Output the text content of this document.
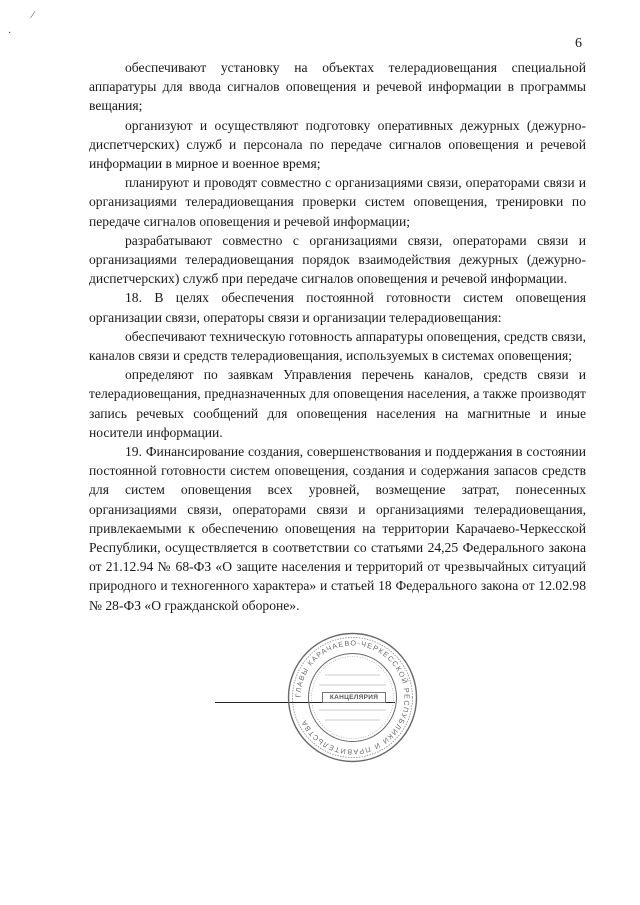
⁄
·
6

обеспечивают установку на объектах телерадиовещания специальной аппаратуры для ввода сигналов оповещения и речевой информации в программы вещания;

организуют и осуществляют подготовку оперативных дежурных (дежурно-диспетчерских) служб и персонала по передаче сигналов оповещения и речевой информации в мирное и военное время;

планируют и проводят совместно с организациями связи, операторами связи и организациями телерадиовещания проверки систем оповещения, тренировки по передаче сигналов оповещения и речевой информации;

разрабатывают совместно с организациями связи, операторами связи и организациями телерадиовещания порядок взаимодействия дежурных (дежурно-диспетчерских) служб при передаче сигналов оповещения и речевой информации.

18. В целях обеспечения постоянной готовности систем оповещения организации связи, операторы связи и организации телерадиовещания:

обеспечивают техническую готовность аппаратуры оповещения, средств связи, каналов связи и средств телерадиовещания, используемых в системах оповещения;

определяют по заявкам Управления перечень каналов, средств связи и телерадиовещания, предназначенных для оповещения населения, а также производят запись речевых сообщений для оповещения населения на магнитные и иные носители информации.

19. Финансирование создания, совершенствования и поддержания в состоянии постоянной готовности систем оповещения, создания и содержания запасов средств для систем оповещения всех уровней, возмещение затрат, понесенных организациями связи, операторами связи и организациями телерадиовещания, привлекаемыми к обеспечению оповещения на территории Карачаево-Черкесской Республики, осуществляется в соответствии со статьями 24,25 Федерального закона от 21.12.94 № 68-ФЗ «О защите населения и территорий от чрезвычайных ситуаций природного и техногенного характера» и статьей 18 Федерального закона от 12.02.98 № 28-ФЗ «О гражданской обороне».

ГЛАВЫ КАРАЧАЕВО-ЧЕРКЕССКОЙ РЕСПУБЛИКИ И ПРАВИТЕЛЬСТВА
КАНЦЕЛЯРИЯ
